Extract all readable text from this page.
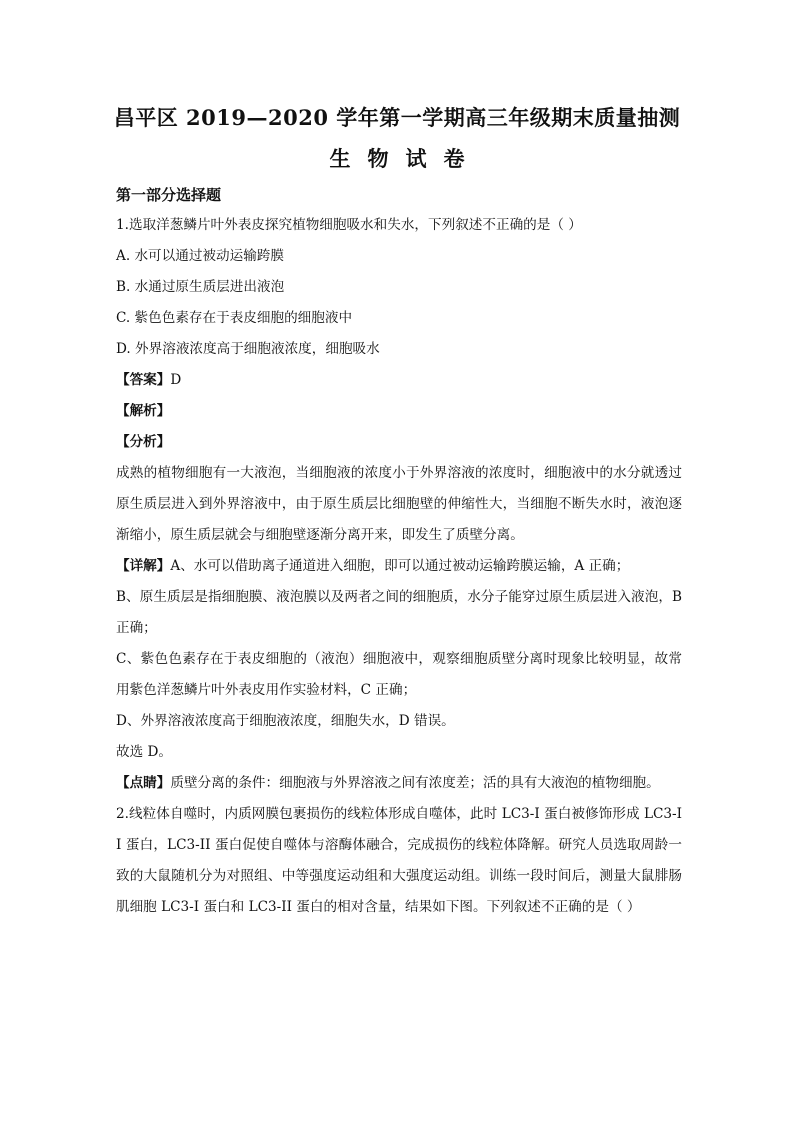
昌平区 2019—2020 学年第一学期高三年级期末质量抽测
生物试卷
第一部分选择题
1.选取洋葱鳞片叶外表皮探究植物细胞吸水和失水，下列叙述不正确的是（ ）
A. 水可以通过被动运输跨膜
B. 水通过原生质层进出液泡
C. 紫色色素存在于表皮细胞的细胞液中
D. 外界溶液浓度高于细胞液浓度，细胞吸水
【答案】D
【解析】
【分析】
成熟的植物细胞有一大液泡，当细胞液的浓度小于外界溶液的浓度时，细胞液中的水分就透过原生质层进入到外界溶液中，由于原生质层比细胞壁的伸缩性大，当细胞不断失水时，液泡逐渐缩小，原生质层就会与细胞壁逐渐分离开来，即发生了质壁分离。
【详解】A、水可以借助离子通道进入细胞，即可以通过被动运输跨膜运输，A 正确；
B、原生质层是指细胞膜、液泡膜以及两者之间的细胞质，水分子能穿过原生质层进入液泡，B 正确；
C、紫色色素存在于表皮细胞的（液泡）细胞液中，观察细胞质壁分离时现象比较明显，故常用紫色洋葱鳞片叶外表皮用作实验材料，C 正确；
D、外界溶液浓度高于细胞液浓度，细胞失水，D 错误。
故选 D。
【点睛】质壁分离的条件：细胞液与外界溶液之间有浓度差；活的具有大液泡的植物细胞。
2.线粒体自噬时，内质网膜包裹损伤的线粒体形成自噬体，此时 LC3-I 蛋白被修饰形成 LC3-II 蛋白，LC3-II 蛋白促使自噬体与溶酶体融合，完成损伤的线粒体降解。研究人员选取周龄一致的大鼠随机分为对照组、中等强度运动组和大强度运动组。训练一段时间后，测量大鼠腓肠肌细胞 LC3-I 蛋白和 LC3-II 蛋白的相对含量，结果如下图。下列叙述不正确的是（ ）
